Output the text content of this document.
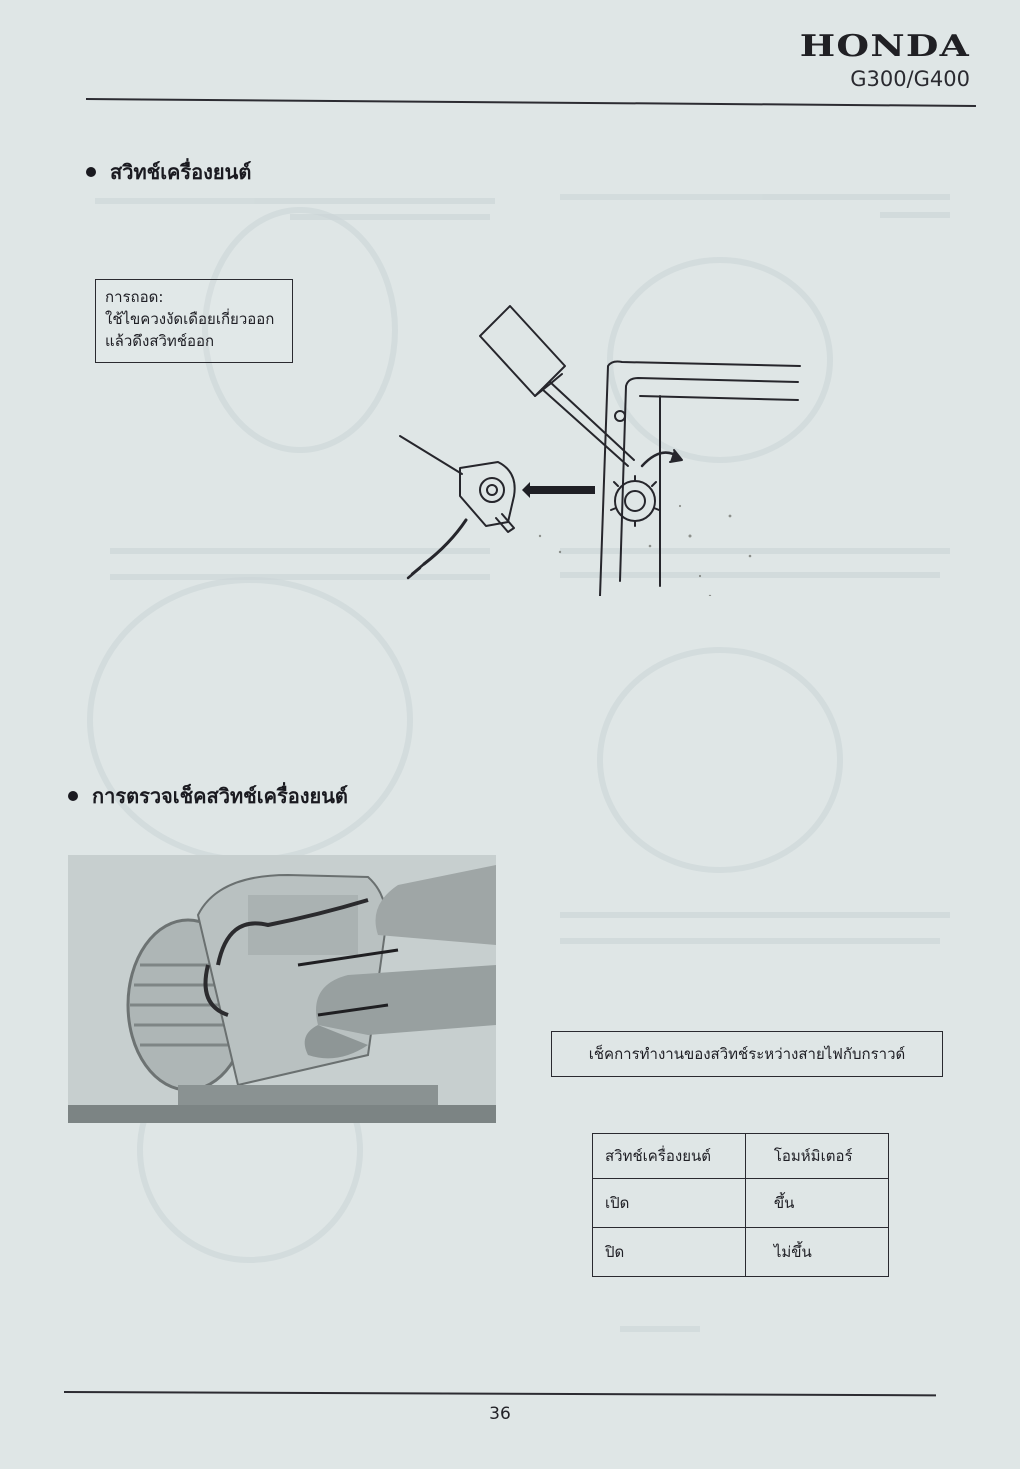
HONDA
G300/G400
สวิทช์เครื่องยนต์
การถอด:
ใช้ไขควงงัดเดือยเกี่ยวออก
แล้วดึงสวิทช์ออก
การตรวจเช็คสวิทช์เครื่องยนต์
เช็คการทำงานของสวิทช์ระหว่างสายไฟกับกราวด์
สวิทช์เครื่องยนต์	โอมห์มิเตอร์
เปิด	ขึ้น
ปิด	ไม่ขึ้น
36
